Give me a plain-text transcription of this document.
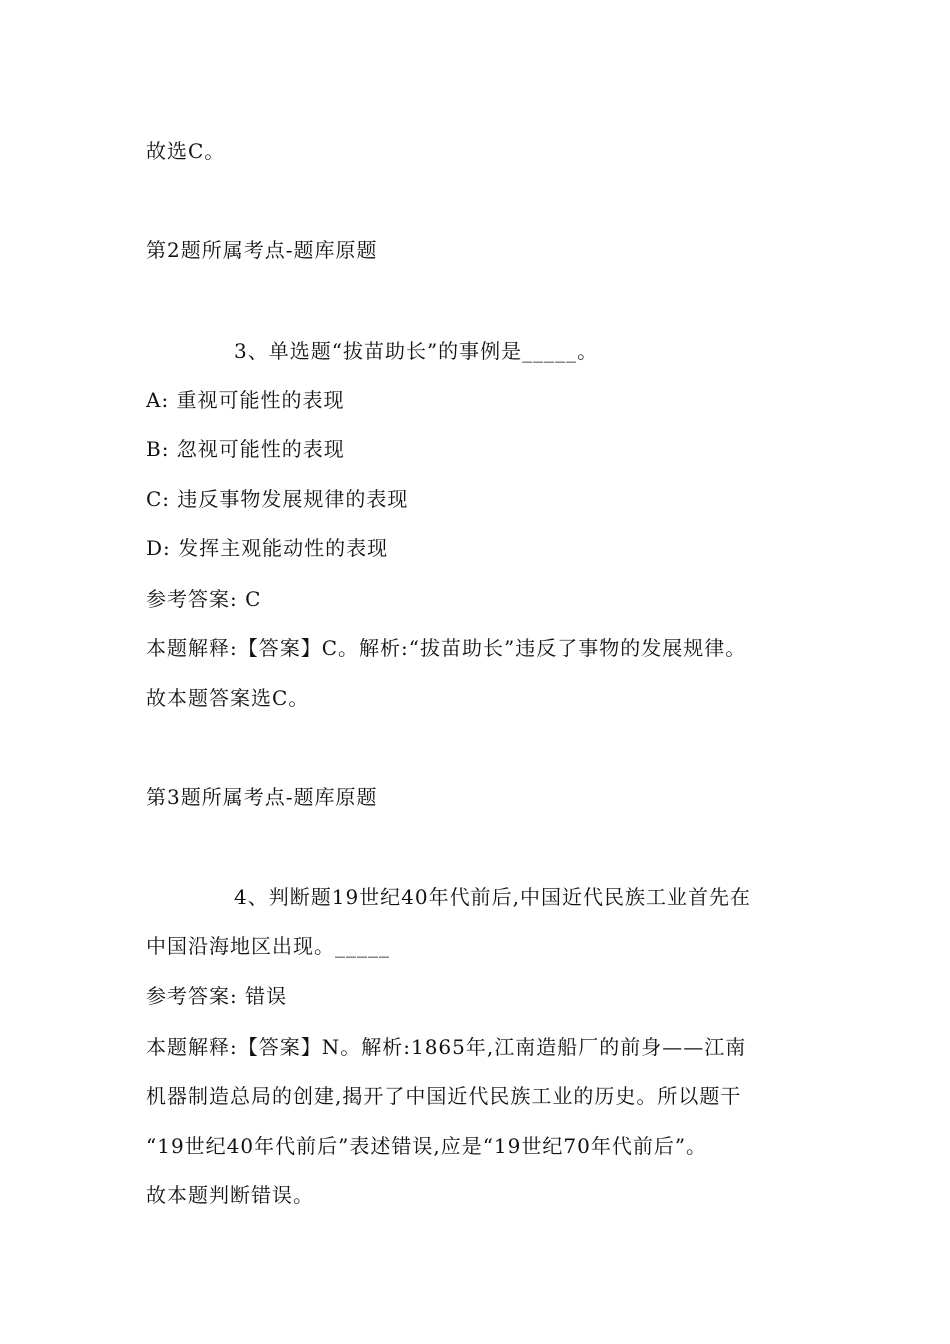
故选C。
第2题所属考点-题库原题
3、单选题“拔苗助长”的事例是_____。
A: 重视可能性的表现
B: 忽视可能性的表现
C: 违反事物发展规律的表现
D: 发挥主观能动性的表现
参考答案: C
本题解释:【答案】C。解析:“拔苗助长”违反了事物的发展规律。
故本题答案选C。
第3题所属考点-题库原题
4、判断题19世纪40年代前后,中国近代民族工业首先在
中国沿海地区出现。_____
参考答案: 错误
本题解释:【答案】N。解析:1865年,江南造船厂的前身——江南
机器制造总局的创建,揭开了中国近代民族工业的历史。所以题干
“19世纪40年代前后”表述错误,应是“19世纪70年代前后”。
故本题判断错误。
